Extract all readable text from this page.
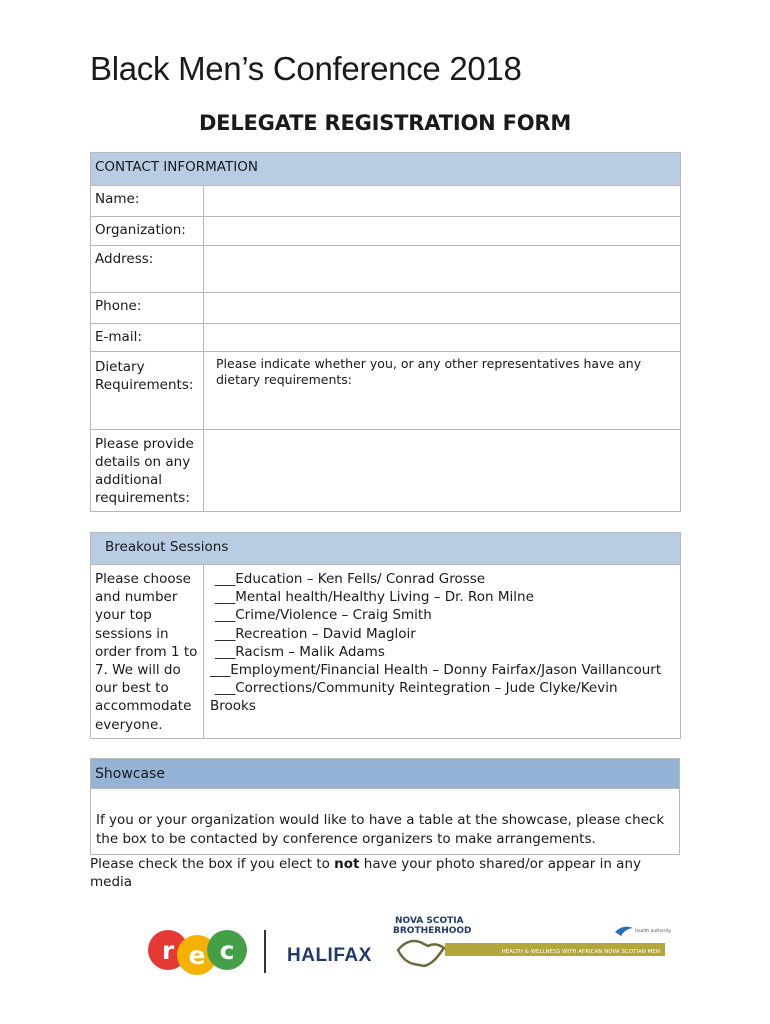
Black Men’s Conference 2018
DELEGATE REGISTRATION FORM
CONTACT INFORMATION	
Name:	
Organization:	
Address:	
Phone:	
E-mail:	
Dietary Requirements:	Please indicate whether you, or any other representatives have any dietary requirements:
Please provide details on any additional requirements:	
Breakout Sessions
Please choose and number your top sessions in order from 1 to 7. We will do our best to accommodate everyone.	
___Education – Ken Fells/ Conrad Grosse
___Mental health/Healthy Living – Dr. Ron Milne
___Crime/Violence – Craig Smith
___Recreation – David Magloir
___Racism – Malik Adams
___Employment/Financial Health – Donny Fairfax/Jason Vaillancourt
___Corrections/Community Reintegration – Jude Clyke/Kevin
Brooks
Showcase
If you or your organization would like to have a table at the showcase, please check the box to be contacted by conference organizers to make arrangements.
Please check the box if you elect to not have your photo shared/or appear in any media
r e c	HALIFAX
NOVA SCOTIA
BROTHERHOOD
HEALTH & WELLNESS WITH AFRICAN NOVA SCOTIAN MEN
health authority
